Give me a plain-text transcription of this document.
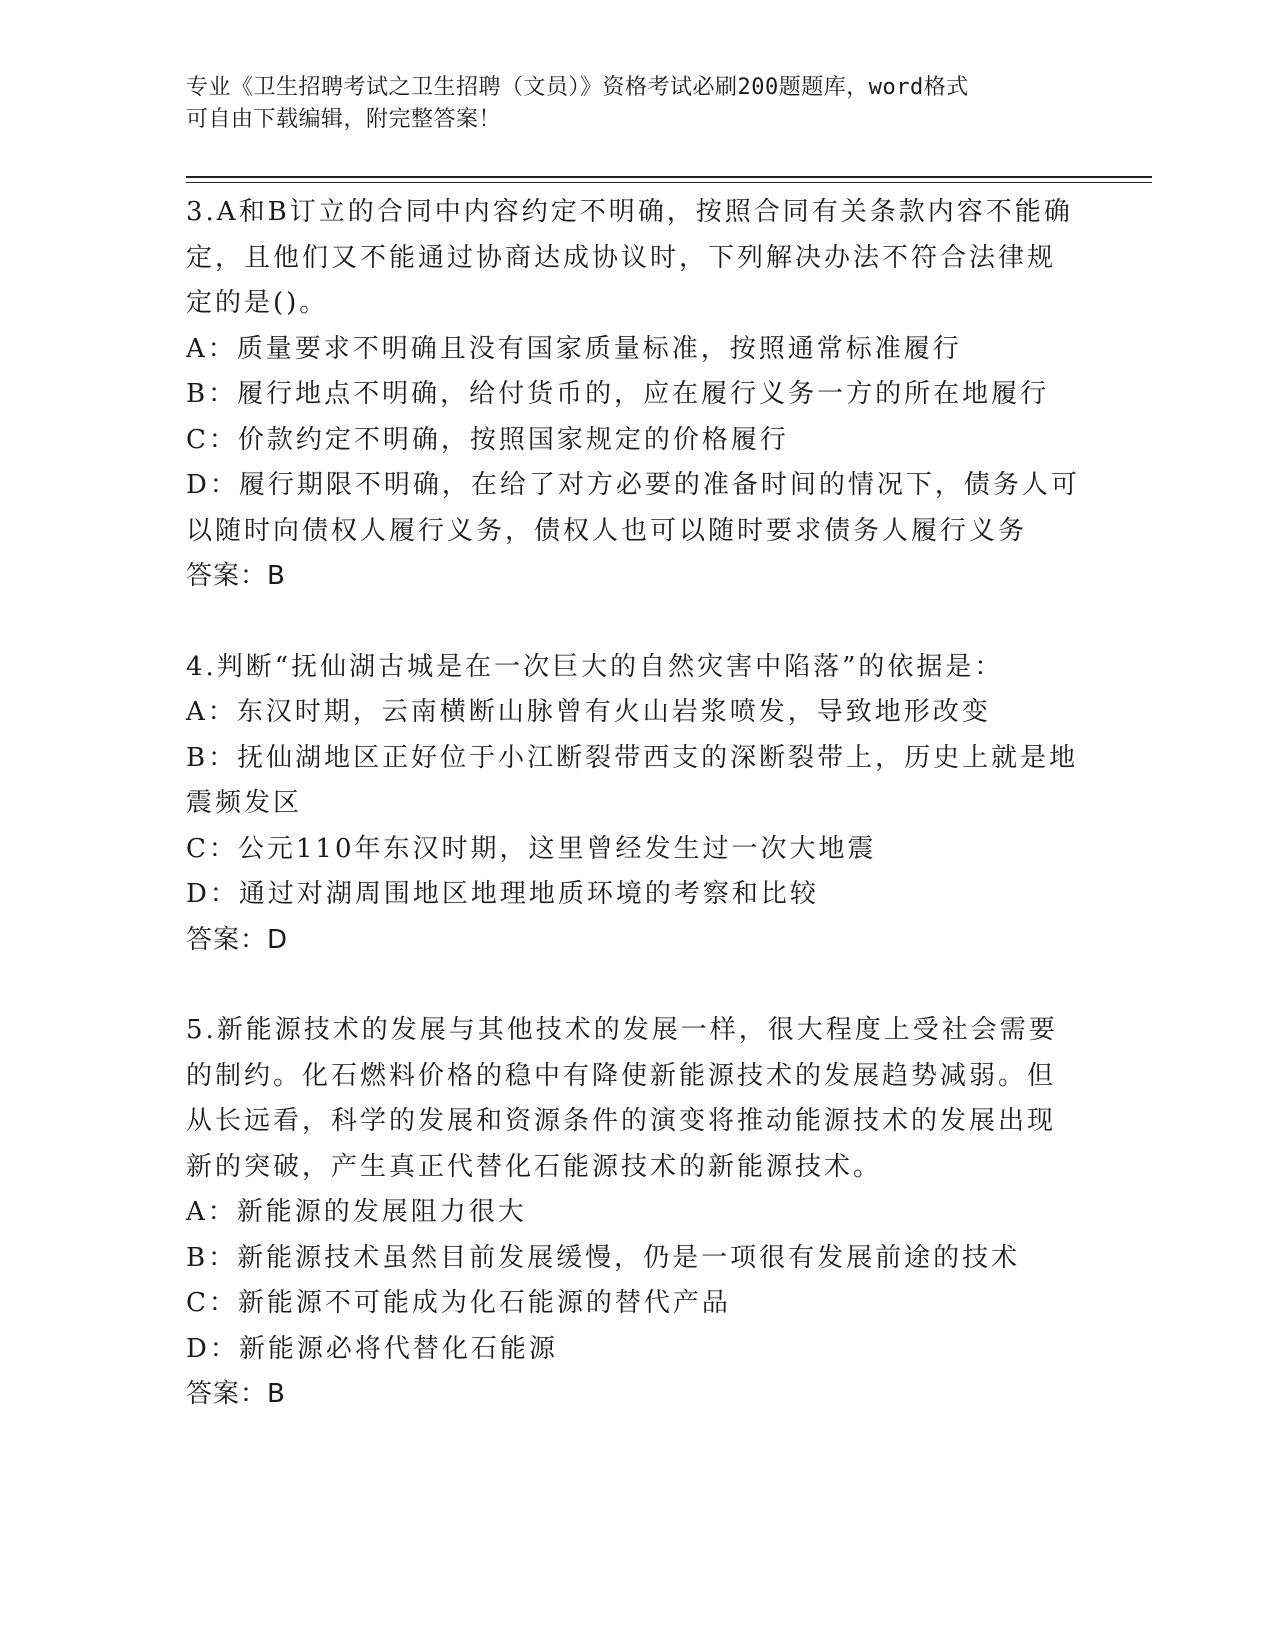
专业《卫生招聘考试之卫生招聘（文员）》资格考试必刷200题题库，word格式
可自由下载编辑，附完整答案！
3.A和B订立的合同中内容约定不明确，按照合同有关条款内容不能确
定，且他们又不能通过协商达成协议时，下列解决办法不符合法律规
定的是()。
A：质量要求不明确且没有国家质量标准，按照通常标准履行
B：履行地点不明确，给付货币的，应在履行义务一方的所在地履行
C：价款约定不明确，按照国家规定的价格履行
D：履行期限不明确，在给了对方必要的准备时间的情况下，债务人可
以随时向债权人履行义务，债权人也可以随时要求债务人履行义务
答案：B
4.判断“抚仙湖古城是在一次巨大的自然灾害中陷落”的依据是：
A：东汉时期，云南横断山脉曾有火山岩浆喷发，导致地形改变
B：抚仙湖地区正好位于小江断裂带西支的深断裂带上，历史上就是地
震频发区
C：公元110年东汉时期，这里曾经发生过一次大地震
D：通过对湖周围地区地理地质环境的考察和比较
答案：D
5.新能源技术的发展与其他技术的发展一样，很大程度上受社会需要
的制约。化石燃料价格的稳中有降使新能源技术的发展趋势减弱。但
从长远看，科学的发展和资源条件的演变将推动能源技术的发展出现
新的突破，产生真正代替化石能源技术的新能源技术。
A：新能源的发展阻力很大
B：新能源技术虽然目前发展缓慢，仍是一项很有发展前途的技术
C：新能源不可能成为化石能源的替代产品
D：新能源必将代替化石能源
答案：B
